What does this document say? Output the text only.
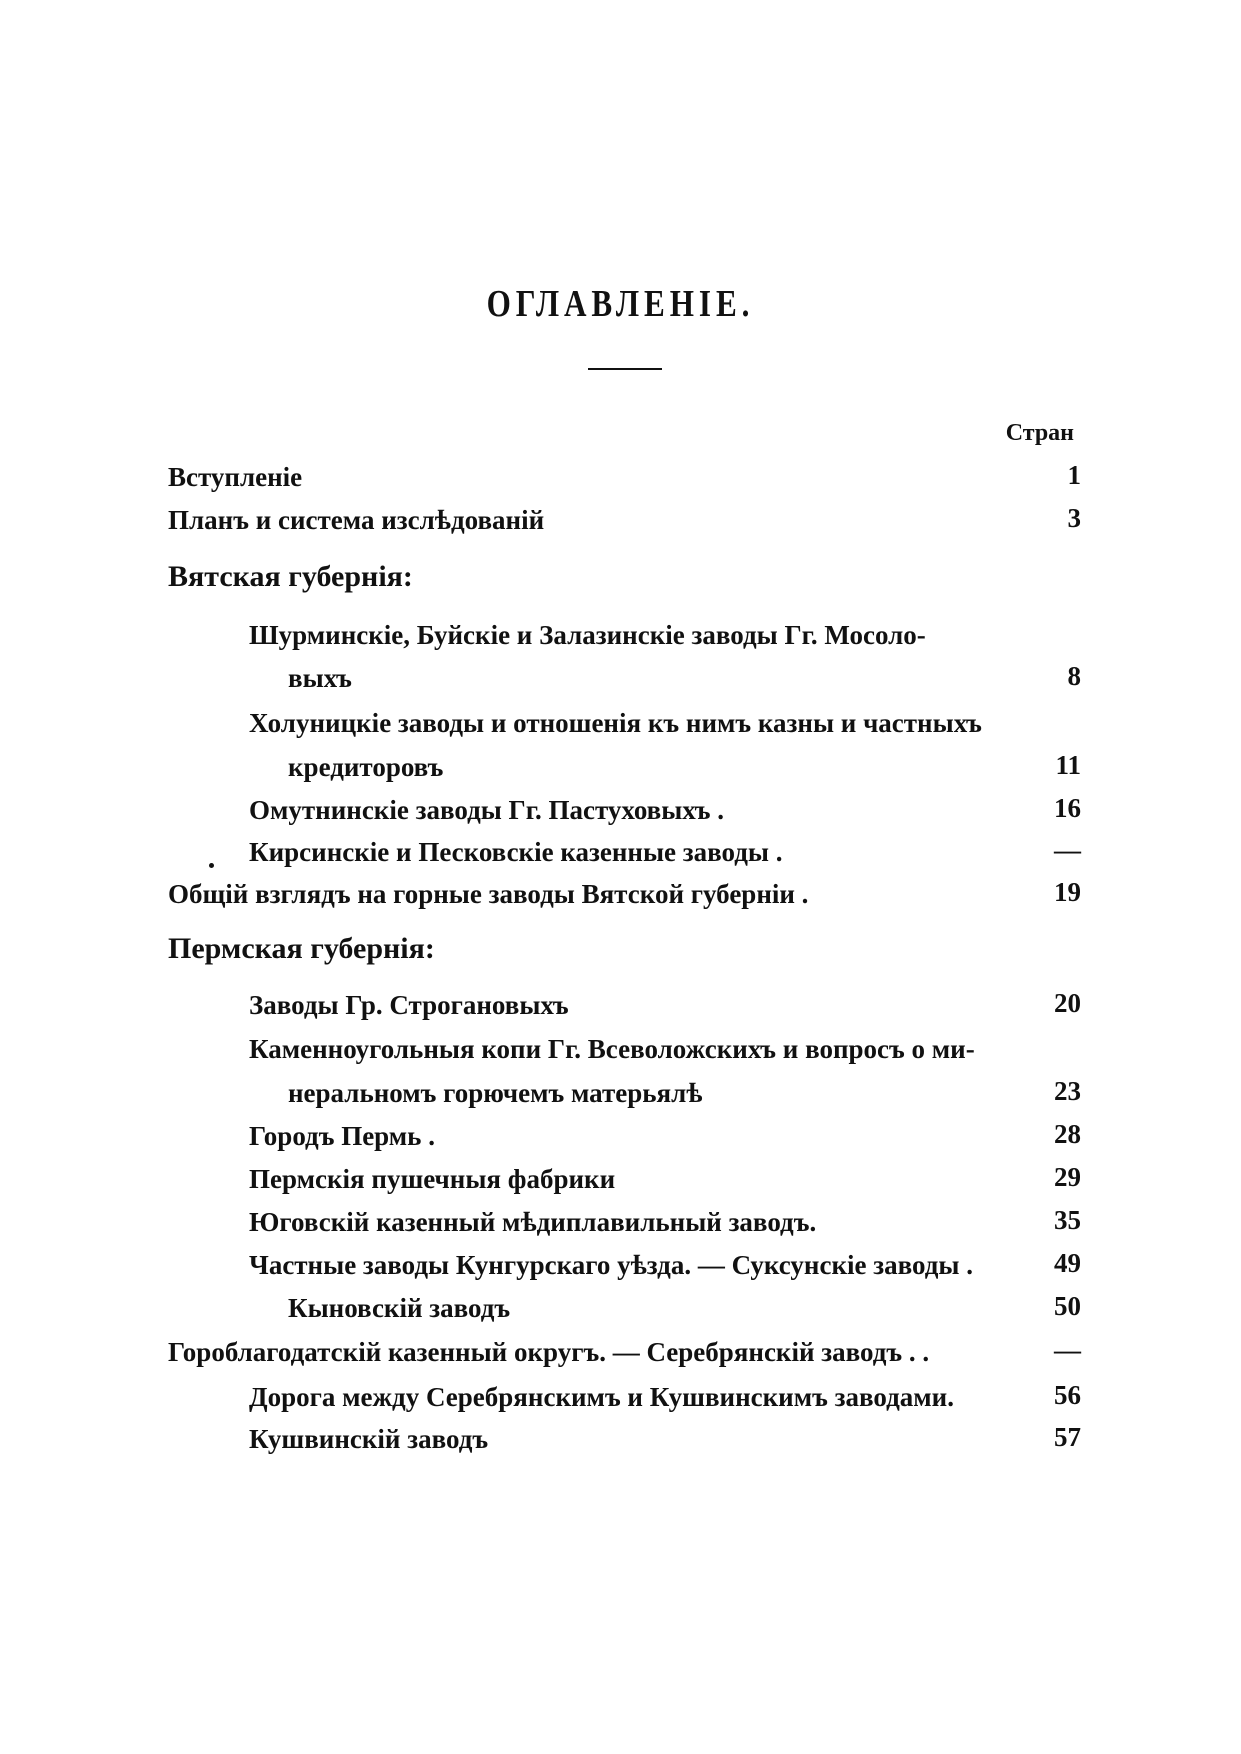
ОГЛАВЛЕНІЕ.
Стран
Вступленіе	1
Планъ и система изслѣдованій	3
Вятская губернія:
Шурминскіе, Буйскіе и Залазинскіе заводы Гг. Мосоло-
выхъ	8
Холуницкіе заводы и отношенія къ нимъ казны и частныхъ
кредиторовъ	11
Омутнинскіе заводы Гг. Пастуховыхъ .	16
Кирсинскіе и Песковскіе казенные заводы .	—
Общій взглядъ на горные заводы Вятской губерніи .	19
Пермская губернія:
Заводы Гр. Строгановыхъ	20
Каменноугольныя копи Гг. Всеволожскихъ и вопросъ о ми-
неральномъ горючемъ матерьялѣ	23
Городъ Пермь .	28
Пермскія пушечныя фабрики	29
Юговскій казенный мѣдиплавильный заводъ.	35
Частные заводы Кунгурскаго уѣзда. — Суксунскіе заводы .	49
Кыновскій заводъ	50
Гороблагодатскій казенный округъ. — Серебрянскій заводъ . .	—
Дорога между Серебрянскимъ и Кушвинскимъ заводами.	56
Кушвинскій заводъ	57
